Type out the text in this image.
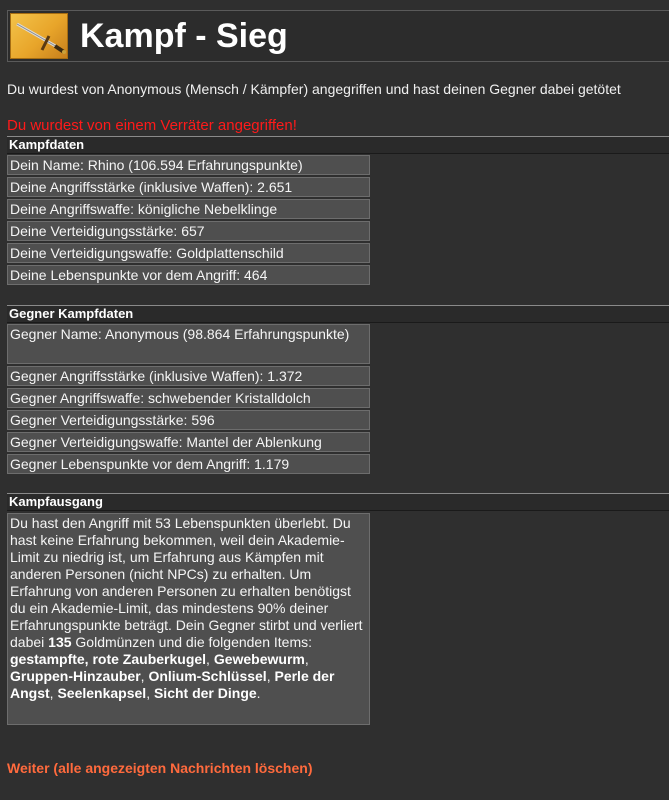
Kampf - Sieg
Du wurdest von Anonymous (Mensch / Kämpfer) angegriffen und hast deinen Gegner dabei getötet
Du wurdest von einem Verräter angegriffen!
Kampfdaten
Dein Name: Rhino (106.594 Erfahrungspunkte)
Deine Angriffsstärke (inklusive Waffen): 2.651
Deine Angriffswaffe: königliche Nebelklinge
Deine Verteidigungsstärke: 657
Deine Verteidigungswaffe: Goldplattenschild
Deine Lebenspunkte vor dem Angriff: 464
Gegner Kampfdaten
Gegner Name: Anonymous (98.864 Erfahrungspunkte)
Gegner Angriffsstärke (inklusive Waffen): 1.372
Gegner Angriffswaffe: schwebender Kristalldolch
Gegner Verteidigungsstärke: 596
Gegner Verteidigungswaffe: Mantel der Ablenkung
Gegner Lebenspunkte vor dem Angriff: 1.179
Kampfausgang
Du hast den Angriff mit 53 Lebenspunkten überlebt. Du hast keine Erfahrung bekommen, weil dein Akademie-Limit zu niedrig ist, um Erfahrung aus Kämpfen mit anderen Personen (nicht NPCs) zu erhalten. Um Erfahrung von anderen Personen zu erhalten benötigst du ein Akademie-Limit, das mindestens 90% deiner Erfahrungspunkte beträgt. Dein Gegner stirbt und verliert dabei 135 Goldmünzen und die folgenden Items: gestampfte, rote Zauberkugel, Gewebewurm, Gruppen-Hinzauber, Onlium-Schlüssel, Perle der Angst, Seelenkapsel, Sicht der Dinge.
Weiter (alle angezeigten Nachrichten löschen)
